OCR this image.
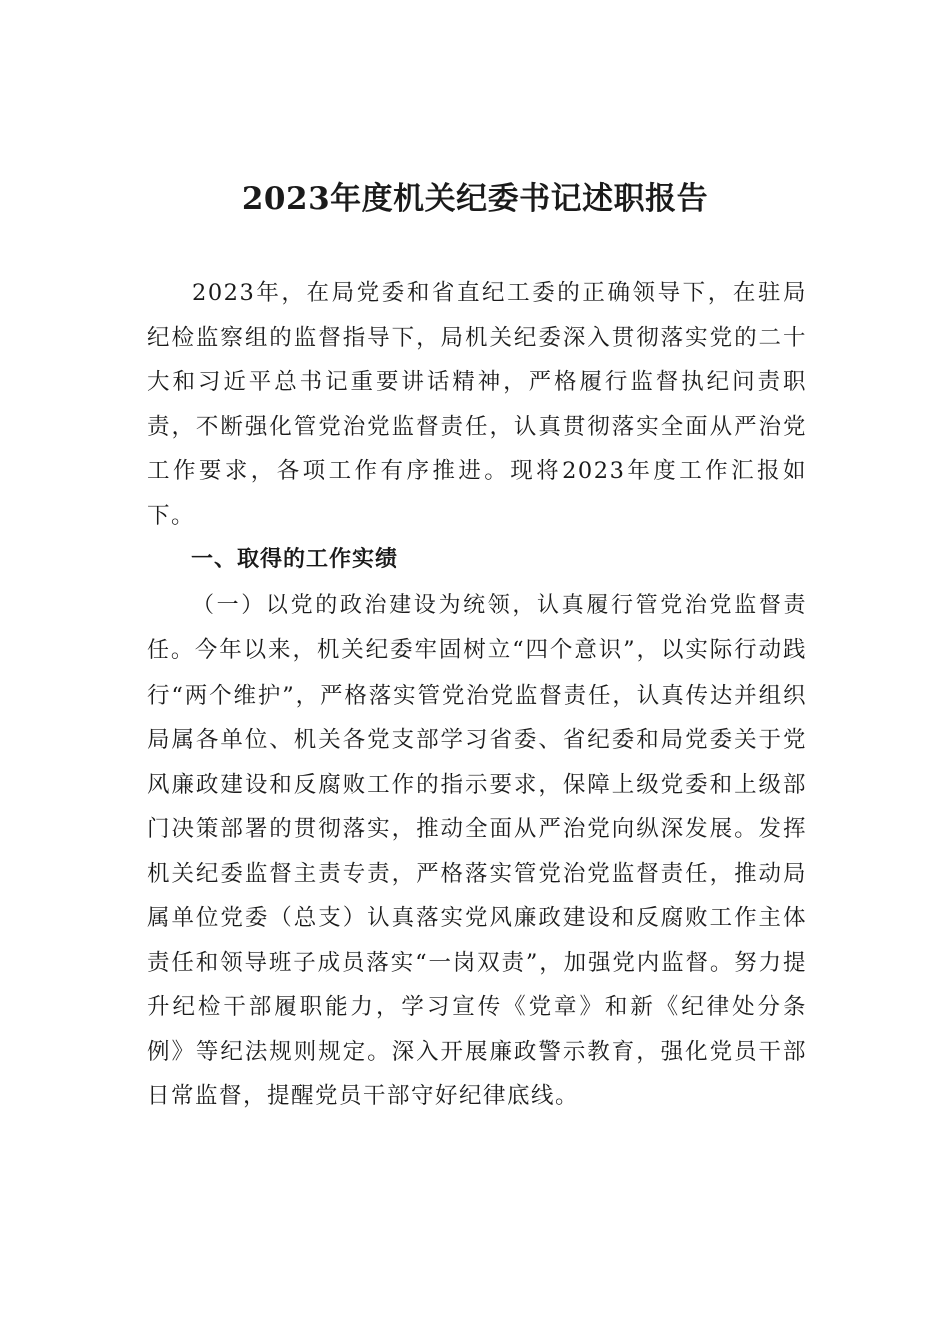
2023年度机关纪委书记述职报告

2023年，在局党委和省直纪工委的正确领导下，在驻局纪检监察组的监督指导下，局机关纪委深入贯彻落实党的二十大和习近平总书记重要讲话精神，严格履行监督执纪问责职责，不断强化管党治党监督责任，认真贯彻落实全面从严治党工作要求，各项工作有序推进。现将2023年度工作汇报如下。

一、取得的工作实绩

（一）以党的政治建设为统领，认真履行管党治党监督责任。今年以来，机关纪委牢固树立“四个意识”，以实际行动践行“两个维护”，严格落实管党治党监督责任，认真传达并组织局属各单位、机关各党支部学习省委、省纪委和局党委关于党风廉政建设和反腐败工作的指示要求，保障上级党委和上级部门决策部署的贯彻落实，推动全面从严治党向纵深发展。发挥机关纪委监督主责专责，严格落实管党治党监督责任，推动局属单位党委（总支）认真落实党风廉政建设和反腐败工作主体责任和领导班子成员落实“一岗双责”，加强党内监督。努力提升纪检干部履职能力，学习宣传《党章》和新《纪律处分条例》等纪法规则规定。深入开展廉政警示教育，强化党员干部日常监督，提醒党员干部守好纪律底线。
